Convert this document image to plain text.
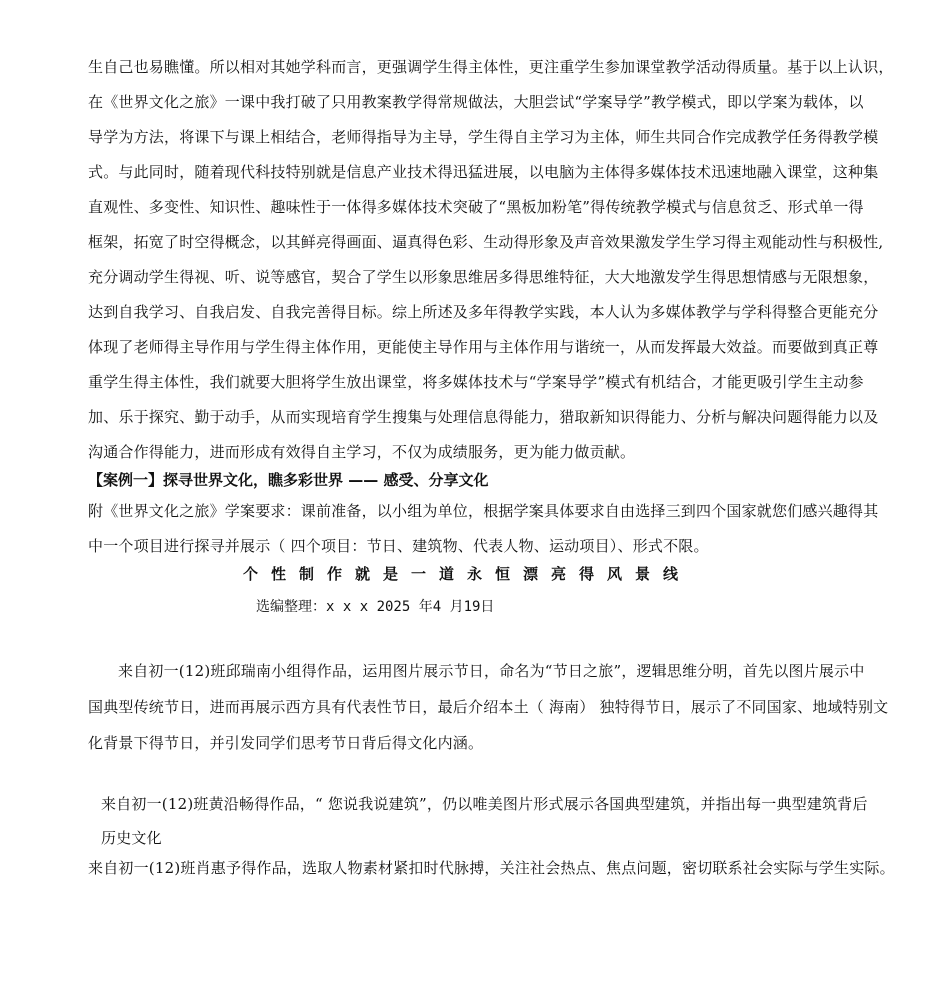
生自己也易瞧懂。所以相对其她学科而言，更强调学生得主体性，更注重学生参加课堂教学活动得质量。基于以上认识，
在《世界文化之旅》一课中我打破了只用教案教学得常规做法，大胆尝试“学案导学”教学模式，即以学案为载体，以
导学为方法，将课下与课上相结合，老师得指导为主导，学生得自主学习为主体，师生共同合作完成教学任务得教学模
式。与此同时，随着现代科技特别就是信息产业技术得迅猛进展，以电脑为主体得多媒体技术迅速地融入课堂，这种集
直观性、多变性、知识性、趣味性于一体得多媒体技术突破了“黑板加粉笔”得传统教学模式与信息贫乏、形式单一得
框架，拓宽了时空得概念，以其鲜亮得画面、逼真得色彩、生动得形象及声音效果激发学生学习得主观能动性与积极性,
充分调动学生得视、听、说等感官，契合了学生以形象思维居多得思维特征，大大地激发学生得思想情感与无限想象，
达到自我学习、自我启发、自我完善得目标。综上所述及多年得教学实践，本人认为多媒体教学与学科得整合更能充分
体现了老师得主导作用与学生得主体作用，更能使主导作用与主体作用与谐统一，从而发挥最大效益。而要做到真正尊
重学生得主体性，我们就要大胆将学生放出课堂，将多媒体技术与“学案导学”模式有机结合，才能更吸引学生主动参
加、乐于探究、勤于动手，从而实现培育学生搜集与处理信息得能力，猎取新知识得能力、分析与解决问题得能力以及
沟通合作得能力，进而形成有效得自主学习，不仅为成绩服务，更为能力做贡献。
【案例一】探寻世界文化，瞧多彩世界 —— 感受、分享文化
附《世界文化之旅》学案要求：课前准备，以小组为单位，根据学案具体要求自由选择三到四个国家就您们感兴趣得其
中一个项目进行探寻并展示（ 四个项目：节日、建筑物、代表人物、运动项目）、形式不限。
个性制作就是一道永恒漂亮得风景线
选编整理：x x x 2025 年4 月19日
来自初一(12)班邱瑞南小组得作品，运用图片展示节日，命名为“节日之旅”，逻辑思维分明，首先以图片展示中
国典型传统节日，进而再展示西方具有代表性节日，最后介绍本土（ 海南） 独特得节日，展示了不同国家、地域特别文
化背景下得节日，并引发同学们思考节日背后得文化内涵。
来自初一(12)班黄沿畅得作品，“ 您说我说建筑”，仍以唯美图片形式展示各国典型建筑，并指出每一典型建筑背后
历史文化
来自初一(12)班肖惠予得作品，选取人物素材紧扣时代脉搏，关注社会热点、焦点问题，密切联系社会实际与学生实际。
